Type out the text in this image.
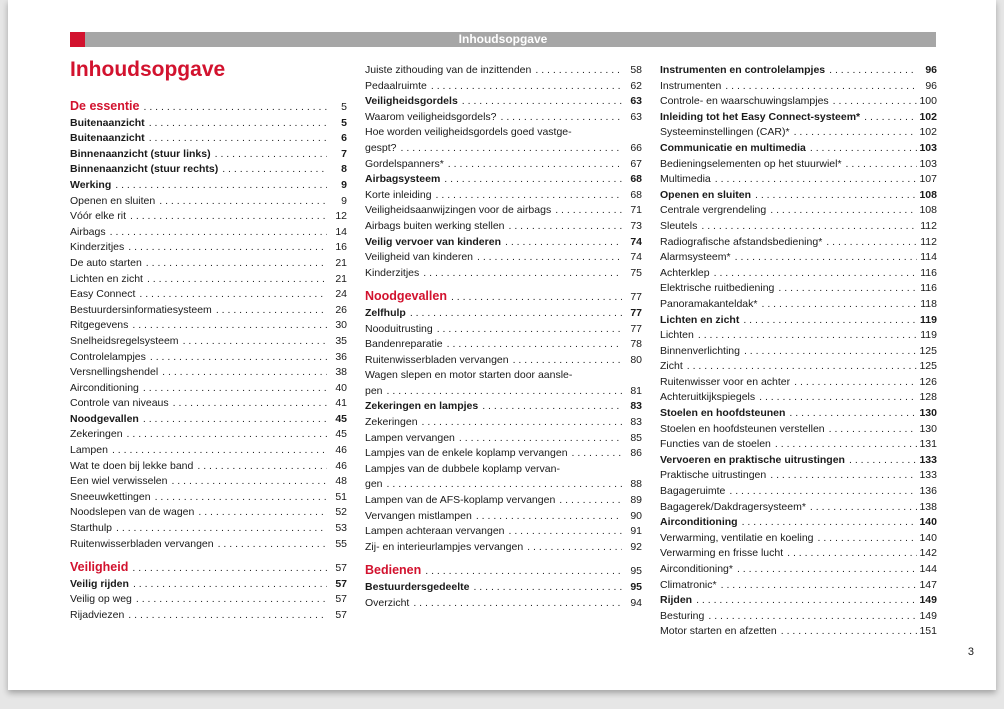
Inhoudsopgave
Inhoudsopgave
De essentie . . .	5
Buitenaanzicht . . .	5
Buitenaanzicht . . .	6
Binnenaanzicht (stuur links) . . .	7
Binnenaanzicht (stuur rechts) . . .	8
Werking . . .	9
Openen en sluiten . . .	9
Vóór elke rit . . .	12
Airbags . . .	14
Kinderzitjes . . .	16
De auto starten . . .	21
Lichten en zicht . . .	21
Easy Connect . . .	24
Bestuurdersinformatiesysteem . . .	26
Ritgegevens . . .	30
Snelheidsregelsysteem . . .	35
Controlelampjes . . .	36
Versnellingshendel . . .	38
Airconditioning . . .	40
Controle van niveaus . . .	41
Noodgevallen . . .	45
Zekeringen . . .	45
Lampen . . .	46
Wat te doen bij lekke band . . .	46
Een wiel verwisselen . . .	48
Sneeuwkettingen . . .	51
Noodslepen van de wagen . . .	52
Starthulp . . .	53
Ruitenwisserbladen vervangen . . .	55
Veiligheid . . .	57
Veilig rijden . . .	57
Veilig op weg . . .	57
Rijadviezen . . .	57
Juiste zithouding van de inzittenden . . .	58
Pedaalruimte . . .	62
Veiligheidsgordels . . .	63
Waarom veiligheidsgordels? . . .	63
Hoe worden veiligheidsgordels goed vastge-
gespt? . . .	66
Gordelspanners* . . .	67
Airbagsysteem . . .	68
Korte inleiding . . .	68
Veiligheidsaanwijzingen voor de airbags . . .	71
Airbags buiten werking stellen . . .	73
Veilig vervoer van kinderen . . .	74
Veiligheid van kinderen . . .	74
Kinderzitjes . . .	75
Noodgevallen . . .	77
Zelfhulp . . .	77
Nooduitrusting . . .	77
Bandenreparatie . . .	78
Ruitenwisserbladen vervangen . . .	80
Wagen slepen en motor starten door aansle-
pen . . .	81
Zekeringen en lampjes . . .	83
Zekeringen . . .	83
Lampen vervangen . . .	85
Lampjes van de enkele koplamp vervangen . . .	86
Lampjes van de dubbele koplamp vervan-
gen . . .	88
Lampen van de AFS-koplamp vervangen . . .	89
Vervangen mistlampen . . .	90
Lampen achteraan vervangen . . .	91
Zij- en interieurlampjes vervangen . . .	92
Bedienen . . .	95
Bestuurdersgedeelte . . .	95
Overzicht . . .	94
Instrumenten en controlelampjes . . .	96
Instrumenten . . .	96
Controle- en waarschuwingslampjes . . .	100
Inleiding tot het Easy Connect-systeem* . . .	102
Systeeminstellingen (CAR)* . . .	102
Communicatie en multimedia . . .	103
Bedieningselementen op het stuurwiel* . . .	103
Multimedia . . .	107
Openen en sluiten . . .	108
Centrale vergrendeling . . .	108
Sleutels . . .	112
Radiografische afstandsbediening* . . .	112
Alarmsysteem* . . .	114
Achterklep . . .	116
Elektrische ruitbediening . . .	116
Panoramakanteldak* . . .	118
Lichten en zicht . . .	119
Lichten . . .	119
Binnenverlichting . . .	125
Zicht . . .	125
Ruitenwisser voor en achter . . .	126
Achteruitkijkspiegels . . .	128
Stoelen en hoofdsteunen . . .	130
Stoelen en hoofdsteunen verstellen . . .	130
Functies van de stoelen . . .	131
Vervoeren en praktische uitrustingen . . .	133
Praktische uitrustingen . . .	133
Bagageruimte . . .	136
Bagagerek/Dakdragersysteem* . . .	138
Airconditioning . . .	140
Verwarming, ventilatie en koeling . . .	140
Verwarming en frisse lucht . . .	142
Airconditioning* . . .	144
Climatronic* . . .	147
Rijden . . .	149
Besturing . . .	149
Motor starten en afzetten . . .	151
3
